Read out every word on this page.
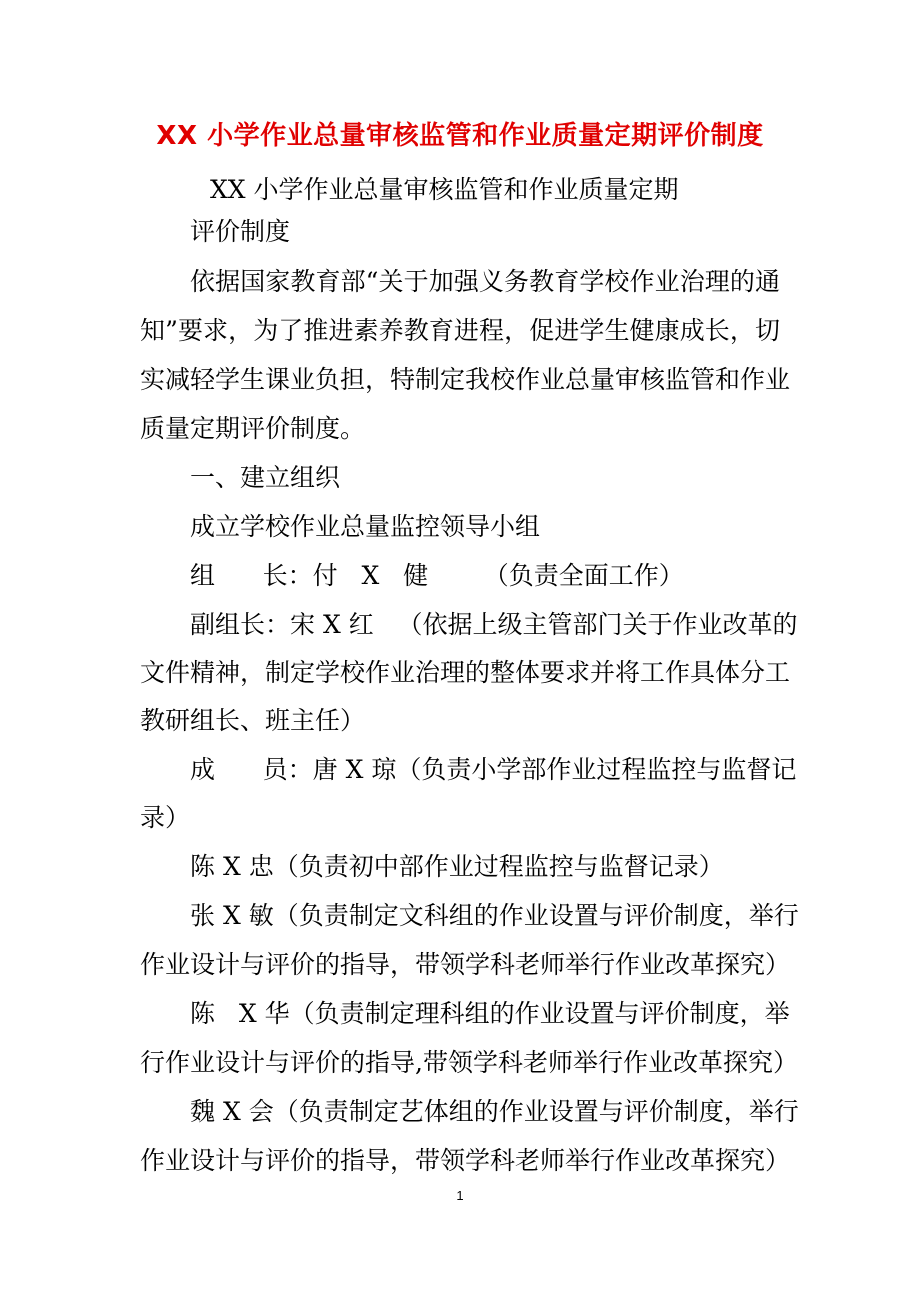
XX 小学作业总量审核监管和作业质量定期评价制度
XX 小学作业总量审核监管和作业质量定期
评价制度
依据国家教育部“关于加强义务教育学校作业治理的通
知”要求，为了推进素养教育进程，促进学生健康成长，切
实减轻学生课业负担，特制定我校作业总量审核监管和作业
质量定期评价制度。
一、建立组织
成立学校作业总量监控领导小组
组      长：付   X   健       （负责全面工作）
副组长：宋 X 红   （依据上级主管部门关于作业改革的
文件精神，制定学校作业治理的整体要求并将工作具体分工
教研组长、班主任）
成      员：唐 X 琼（负责小学部作业过程监控与监督记
录）
陈 X 忠（负责初中部作业过程监控与监督记录）
张 X 敏（负责制定文科组的作业设置与评价制度，举行
作业设计与评价的指导，带领学科老师举行作业改革探究）
陈   X 华（负责制定理科组的作业设置与评价制度，举
行作业设计与评价的指导,带领学科老师举行作业改革探究）
魏 X 会（负责制定艺体组的作业设置与评价制度，举行
作业设计与评价的指导，带领学科老师举行作业改革探究）
1
